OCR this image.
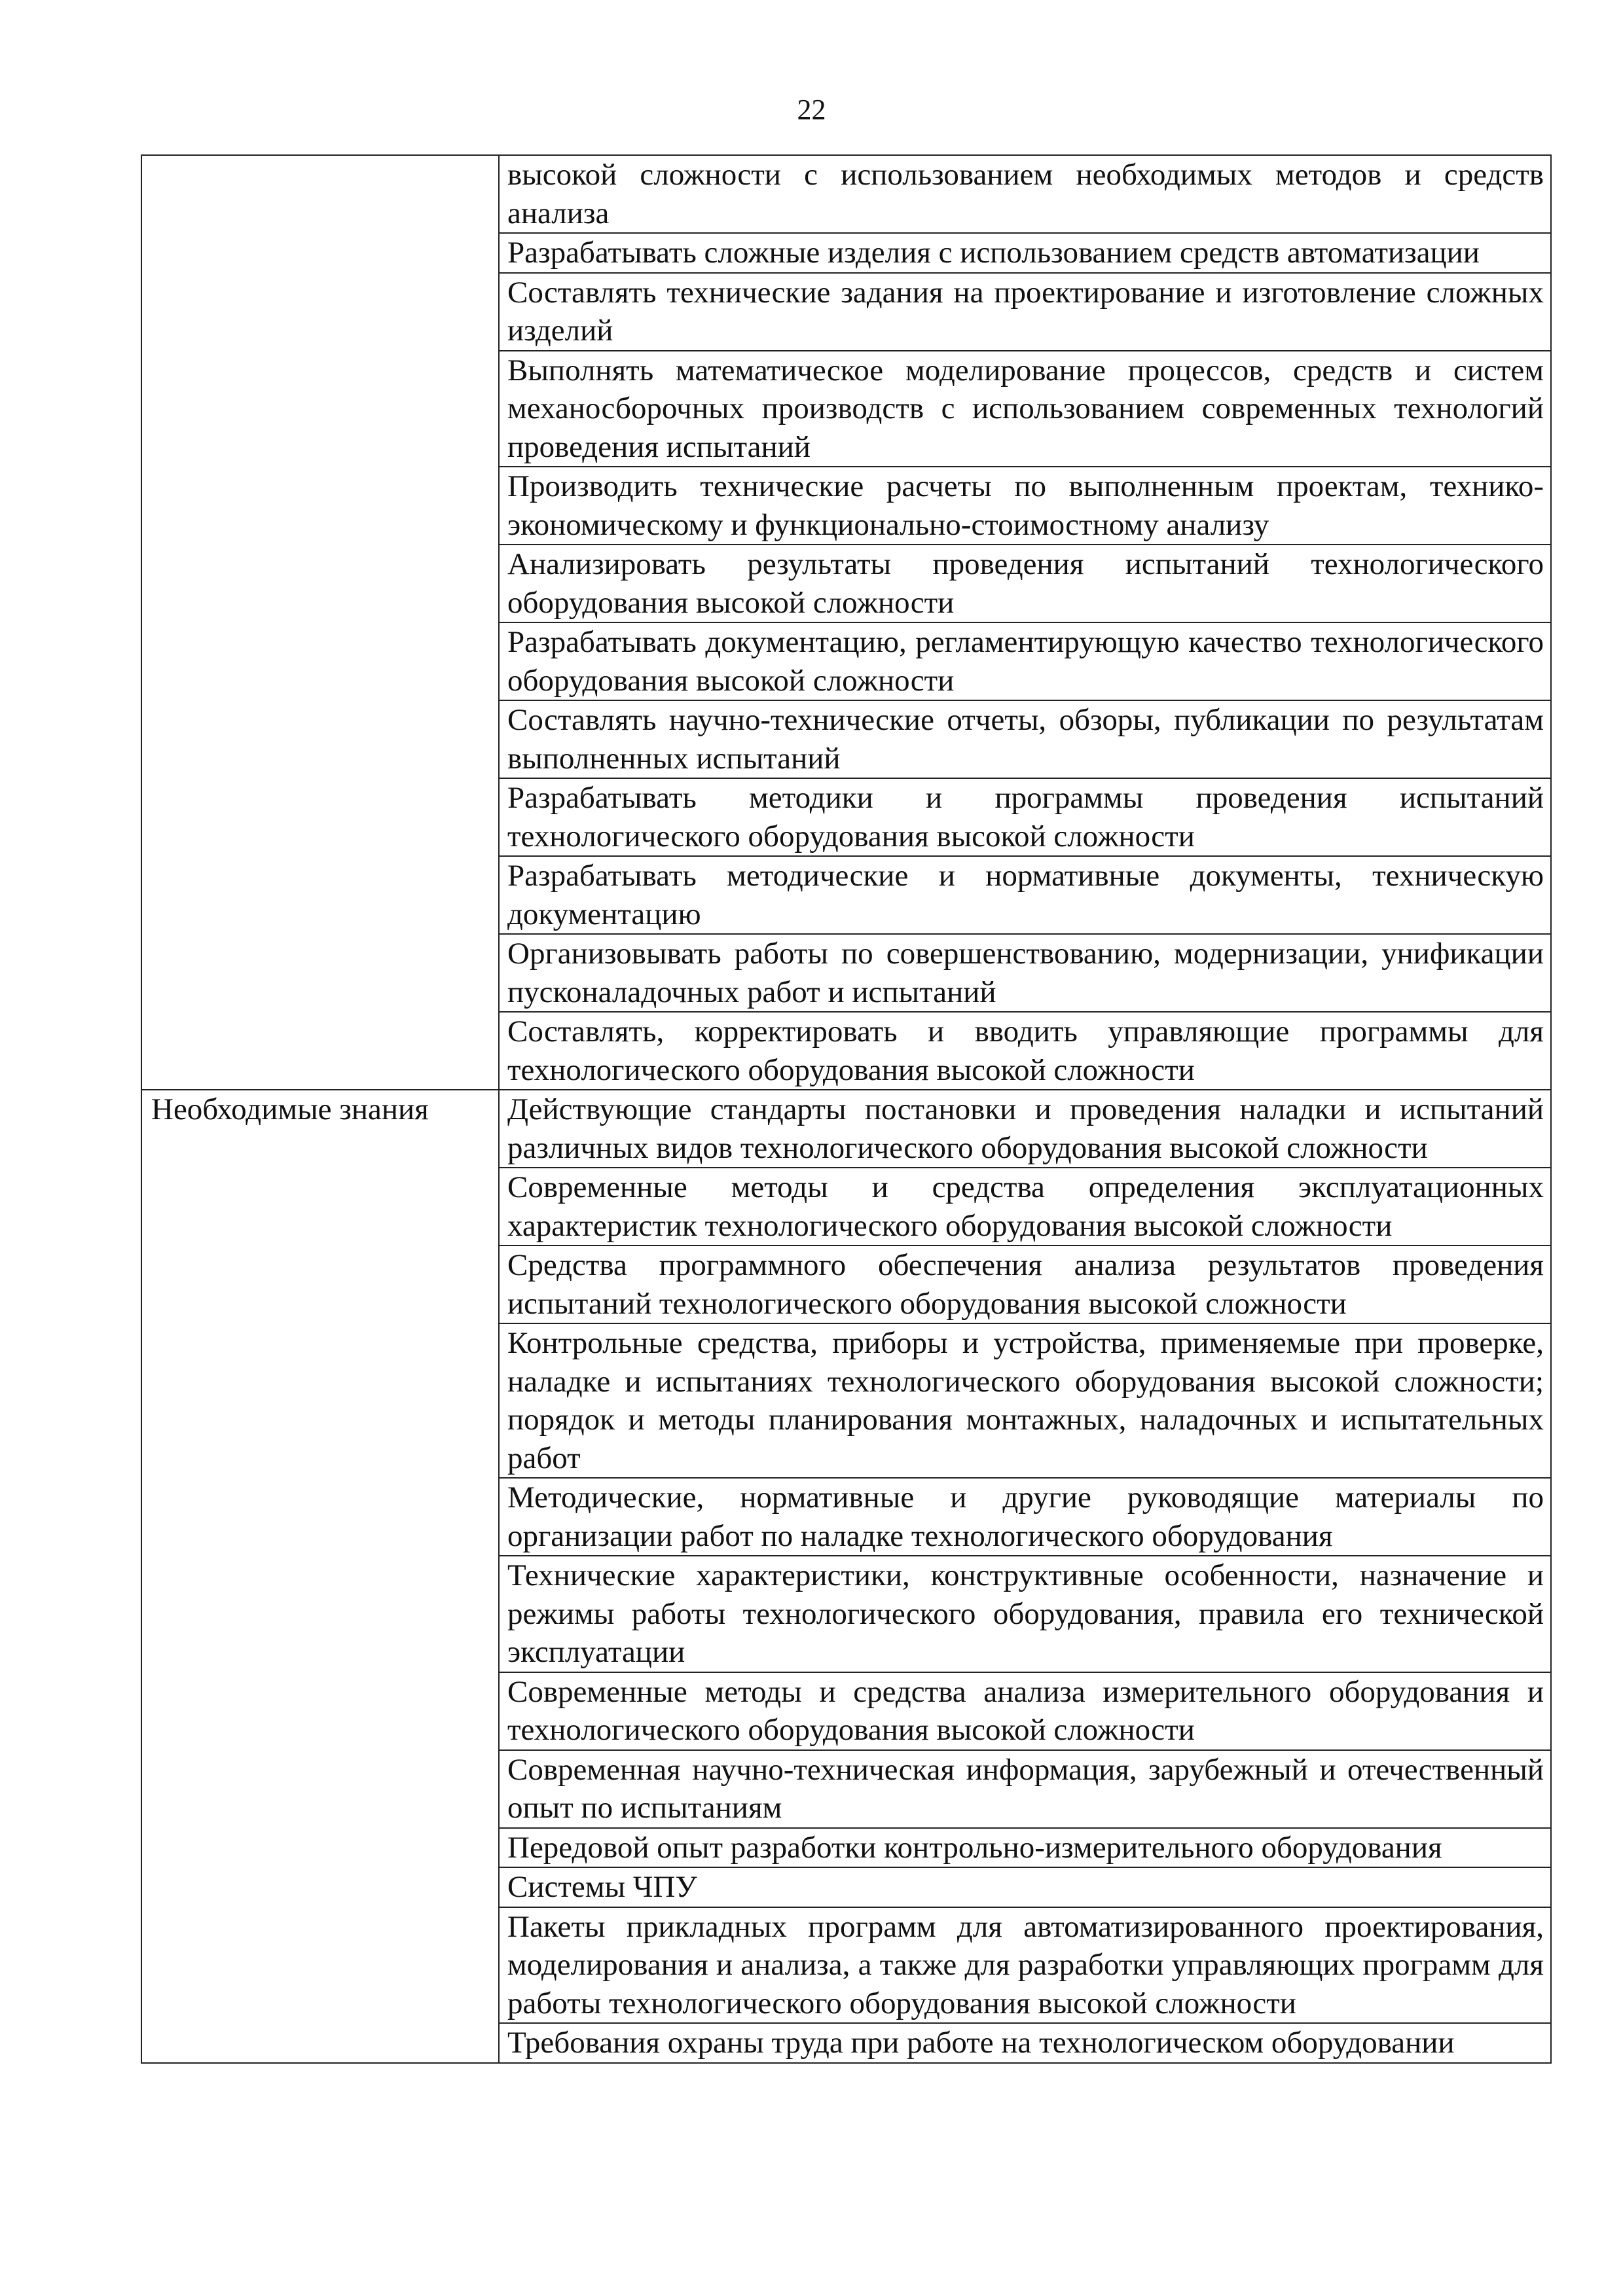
22
	высокой сложности с использованием необходимых методов и средств анализа
	Разрабатывать сложные изделия с использованием средств автоматизации
	Составлять технические задания на проектирование и изготовление сложных изделий
	Выполнять математическое моделирование процессов, средств и систем механосборочных производств с использованием современных технологий проведения испытаний
	Производить технические расчеты по выполненным проектам, технико-экономическому и функционально-стоимостному анализу
	Анализировать результаты проведения испытаний технологического оборудования высокой сложности
	Разрабатывать документацию, регламентирующую качество технологического оборудования высокой сложности
	Составлять научно-технические отчеты, обзоры, публикации по результатам выполненных испытаний
	Разрабатывать методики и программы проведения испытаний технологического оборудования высокой сложности
	Разрабатывать методические и нормативные документы, техническую документацию
	Организовывать работы по совершенствованию, модернизации, унификации пусконаладочных работ и испытаний
	Составлять, корректировать и вводить управляющие программы для технологического оборудования высокой сложности
Необходимые знания	Действующие стандарты постановки и проведения наладки и испытаний различных видов технологического оборудования высокой сложности
	Современные методы и средства определения эксплуатационных характеристик технологического оборудования высокой сложности
	Средства программного обеспечения анализа результатов проведения испытаний технологического оборудования высокой сложности
	Контрольные средства, приборы и устройства, применяемые при проверке, наладке и испытаниях технологического оборудования высокой сложности; порядок и методы планирования монтажных, наладочных и испытательных работ
	Методические, нормативные и другие руководящие материалы по организации работ по наладке технологического оборудования
	Технические характеристики, конструктивные особенности, назначение и режимы работы технологического оборудования, правила его технической эксплуатации
	Современные методы и средства анализа измерительного оборудования и технологического оборудования высокой сложности
	Современная научно-техническая информация, зарубежный и отечественный опыт по испытаниям
	Передовой опыт разработки контрольно-измерительного оборудования
	Системы ЧПУ
	Пакеты прикладных программ для автоматизированного проектирования, моделирования и анализа, а также для разработки управляющих программ для работы технологического оборудования высокой сложности
	Требования охраны труда при работе на технологическом оборудовании
